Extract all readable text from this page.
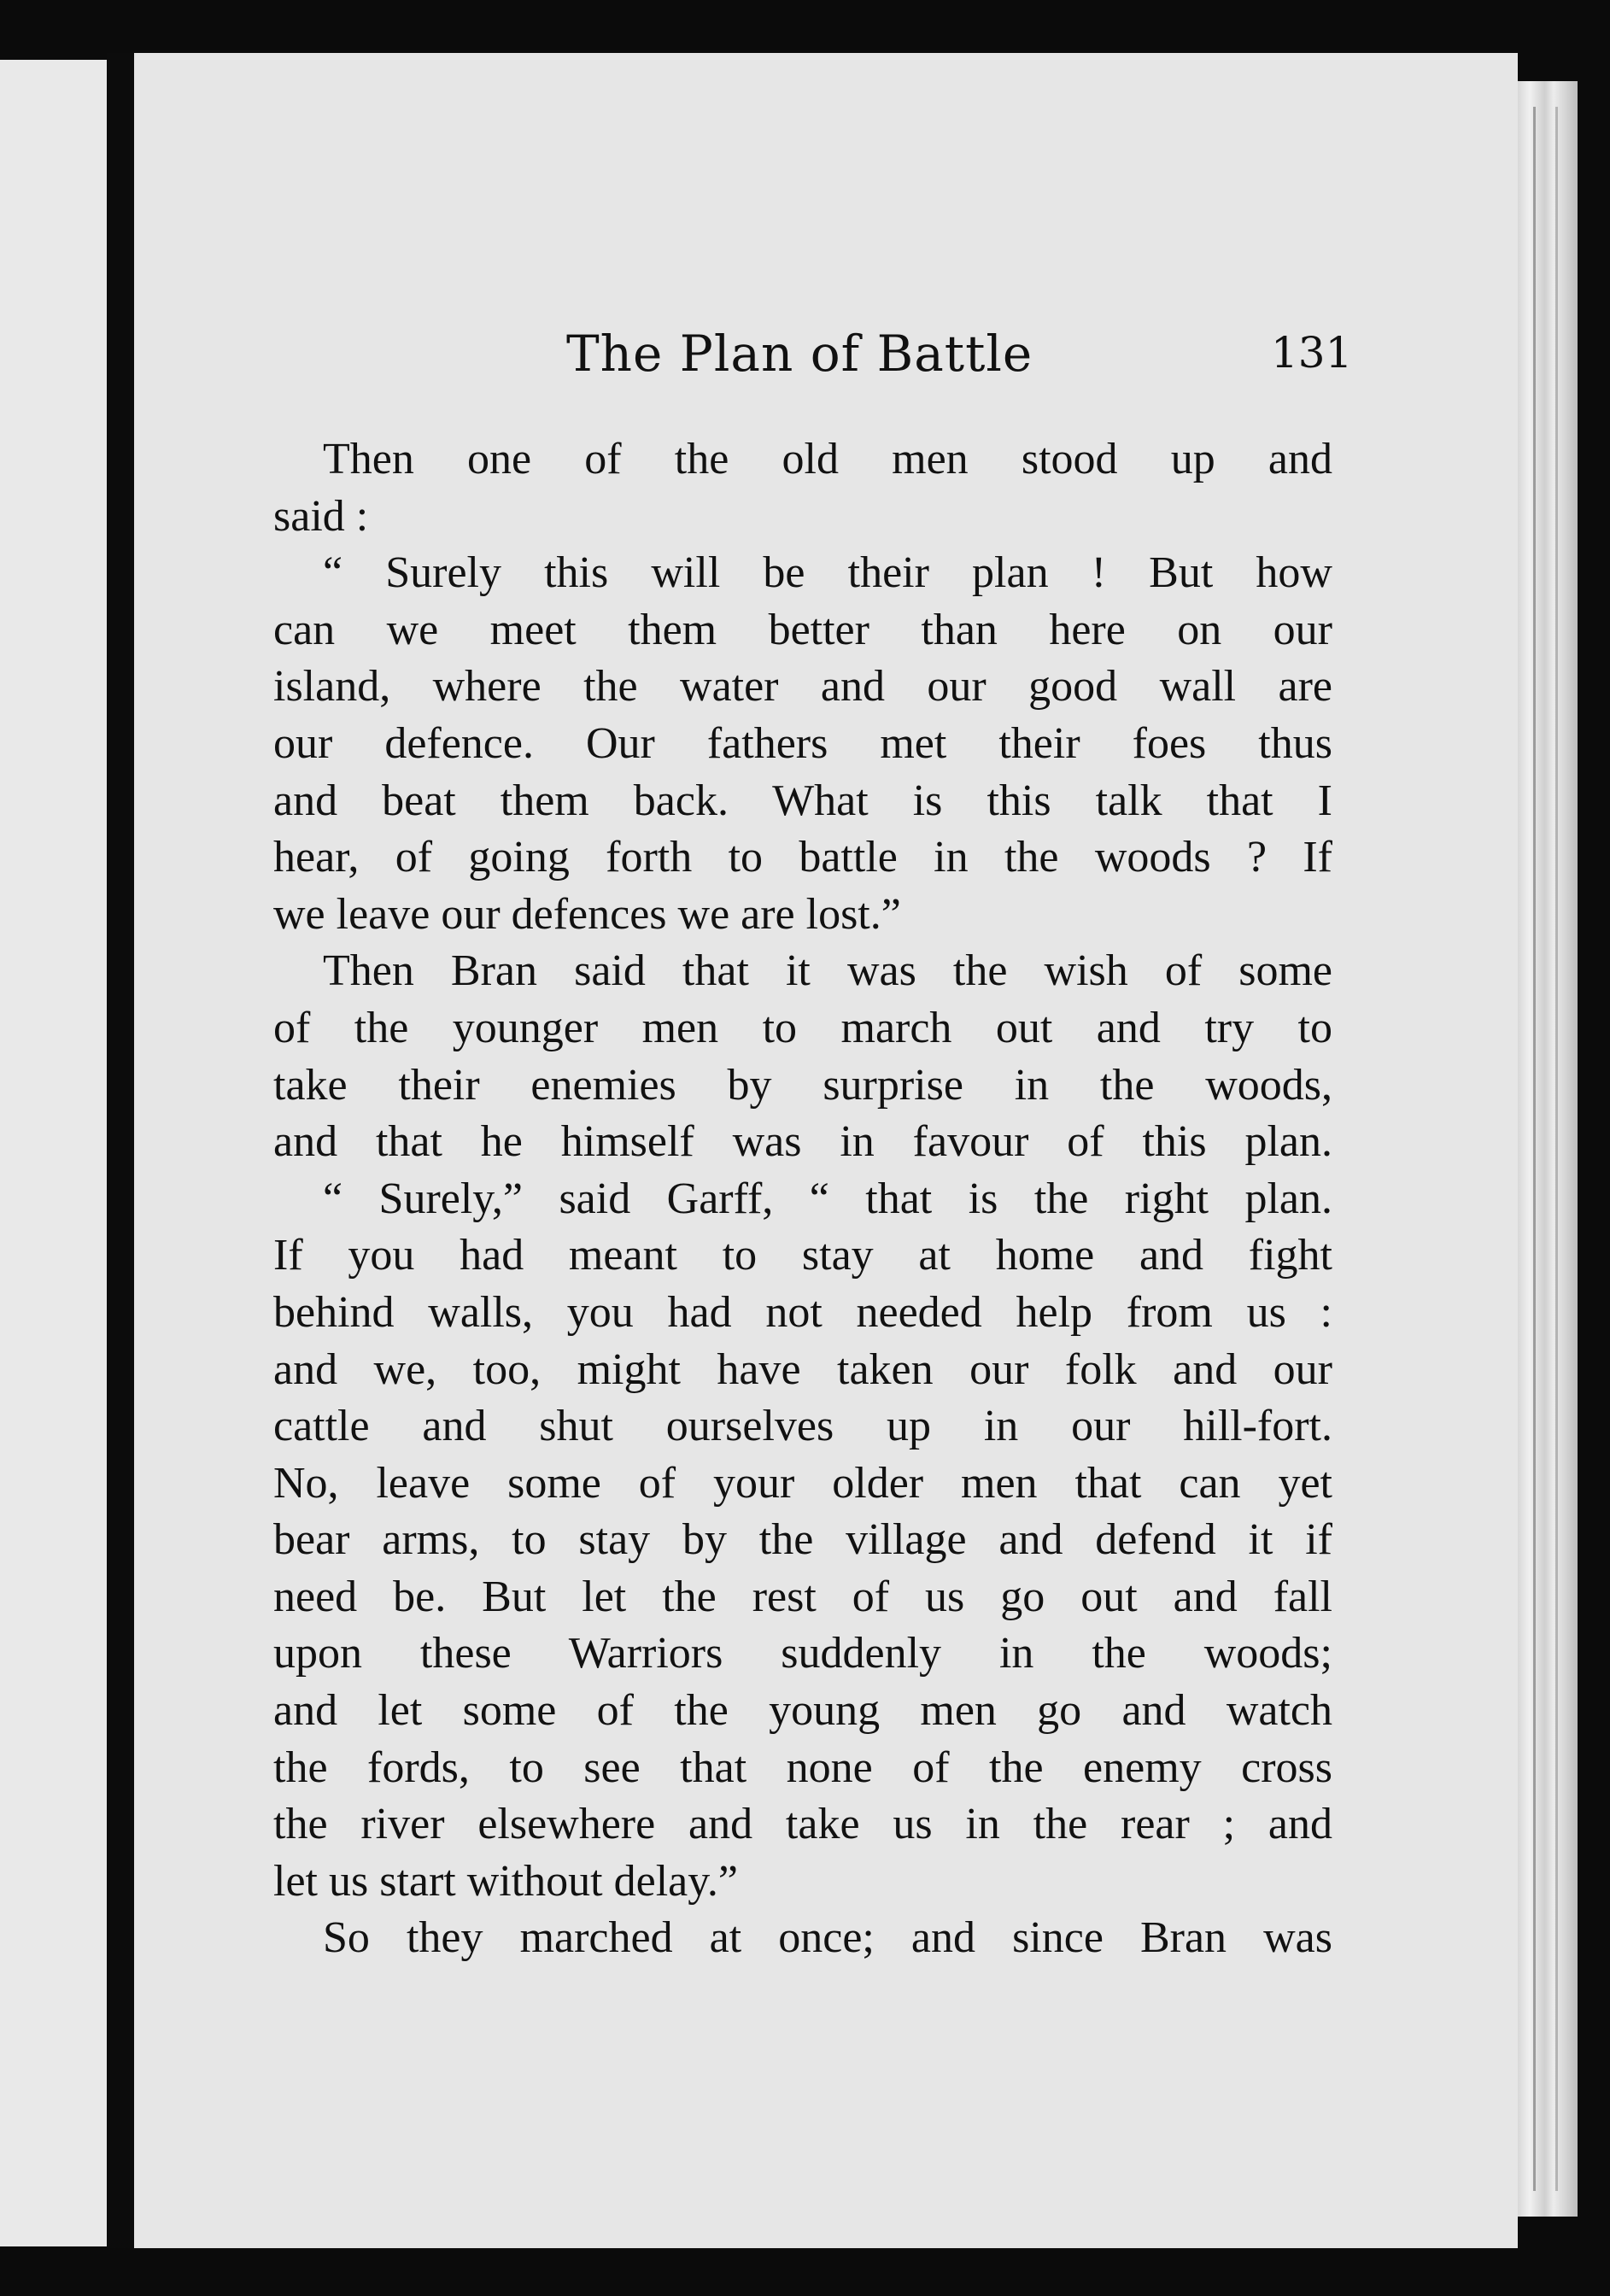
The Plan of Battle	131
Then one of the old men stood up and
said :
“ Surely this will be their plan ! But how
can we meet them better than here on our
island, where the water and our good wall are
our defence. Our fathers met their foes thus
and beat them back. What is this talk that I
hear, of going forth to battle in the woods ? If
we leave our defences we are lost.”
Then Bran said that it was the wish of some
of the younger men to march out and try to
take their enemies by surprise in the woods,
and that he himself was in favour of this plan.
“ Surely,” said Garff, “ that is the right plan.
If you had meant to stay at home and fight
behind walls, you had not needed help from us :
and we, too, might have taken our folk and our
cattle and shut ourselves up in our hill-fort.
No, leave some of your older men that can yet
bear arms, to stay by the village and defend it if
need be. But let the rest of us go out and fall
upon these Warriors suddenly in the woods;
and let some of the young men go and watch
the fords, to see that none of the enemy cross
the river elsewhere and take us in the rear ; and
let us start without delay.”
So they marched at once; and since Bran was
